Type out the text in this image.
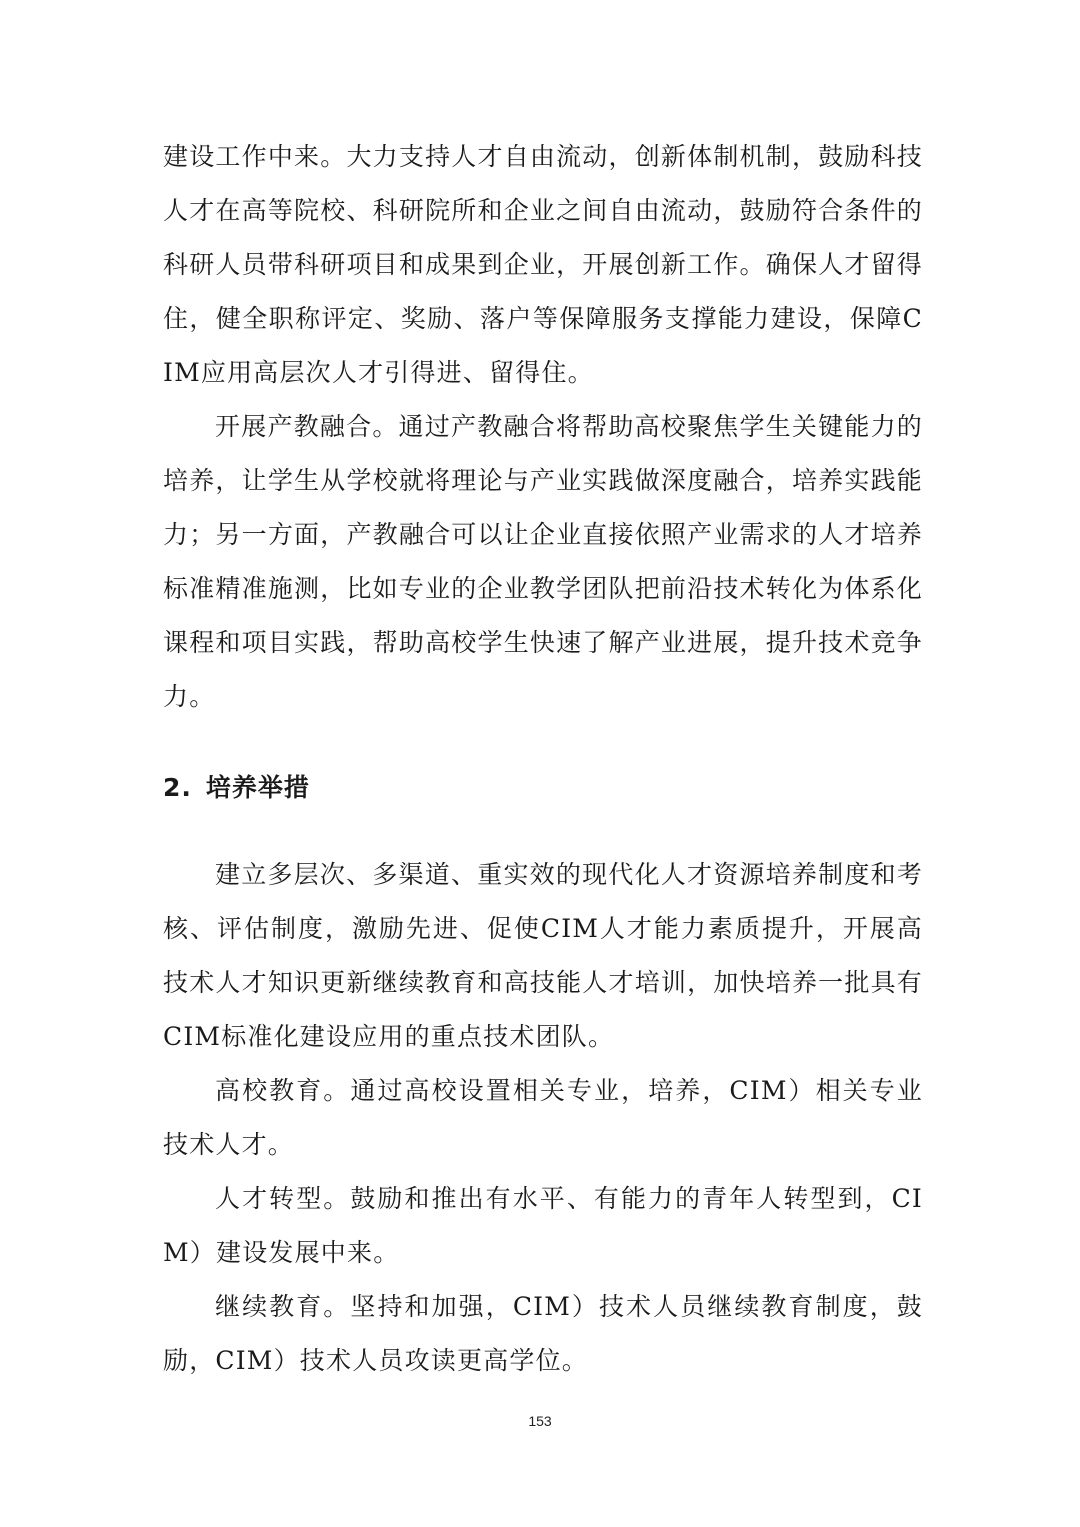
建设工作中来。大力支持人才自由流动，创新体制机制，鼓励科技人才在高等院校、科研院所和企业之间自由流动，鼓励符合条件的科研人员带科研项目和成果到企业，开展创新工作。确保人才留得住，健全职称评定、奖励、落户等保障服务支撑能力建设，保障CIM应用高层次人才引得进、留得住。

开展产教融合。通过产教融合将帮助高校聚焦学生关键能力的培养，让学生从学校就将理论与产业实践做深度融合，培养实践能力；另一方面，产教融合可以让企业直接依照产业需求的人才培养标准精准施测，比如专业的企业教学团队把前沿技术转化为体系化课程和项目实践，帮助高校学生快速了解产业进展，提升技术竞争力。

2. 培养举措

建立多层次、多渠道、重实效的现代化人才资源培养制度和考核、评估制度，激励先进、促使CIM人才能力素质提升，开展高技术人才知识更新继续教育和高技能人才培训，加快培养一批具有CIM标准化建设应用的重点技术团队。

高校教育。通过高校设置相关专业，培养，CIM）相关专业技术人才。

人才转型。鼓励和推出有水平、有能力的青年人转型到，CIM）建设发展中来。

继续教育。坚持和加强，CIM）技术人员继续教育制度，鼓励，CIM）技术人员攻读更高学位。

153
